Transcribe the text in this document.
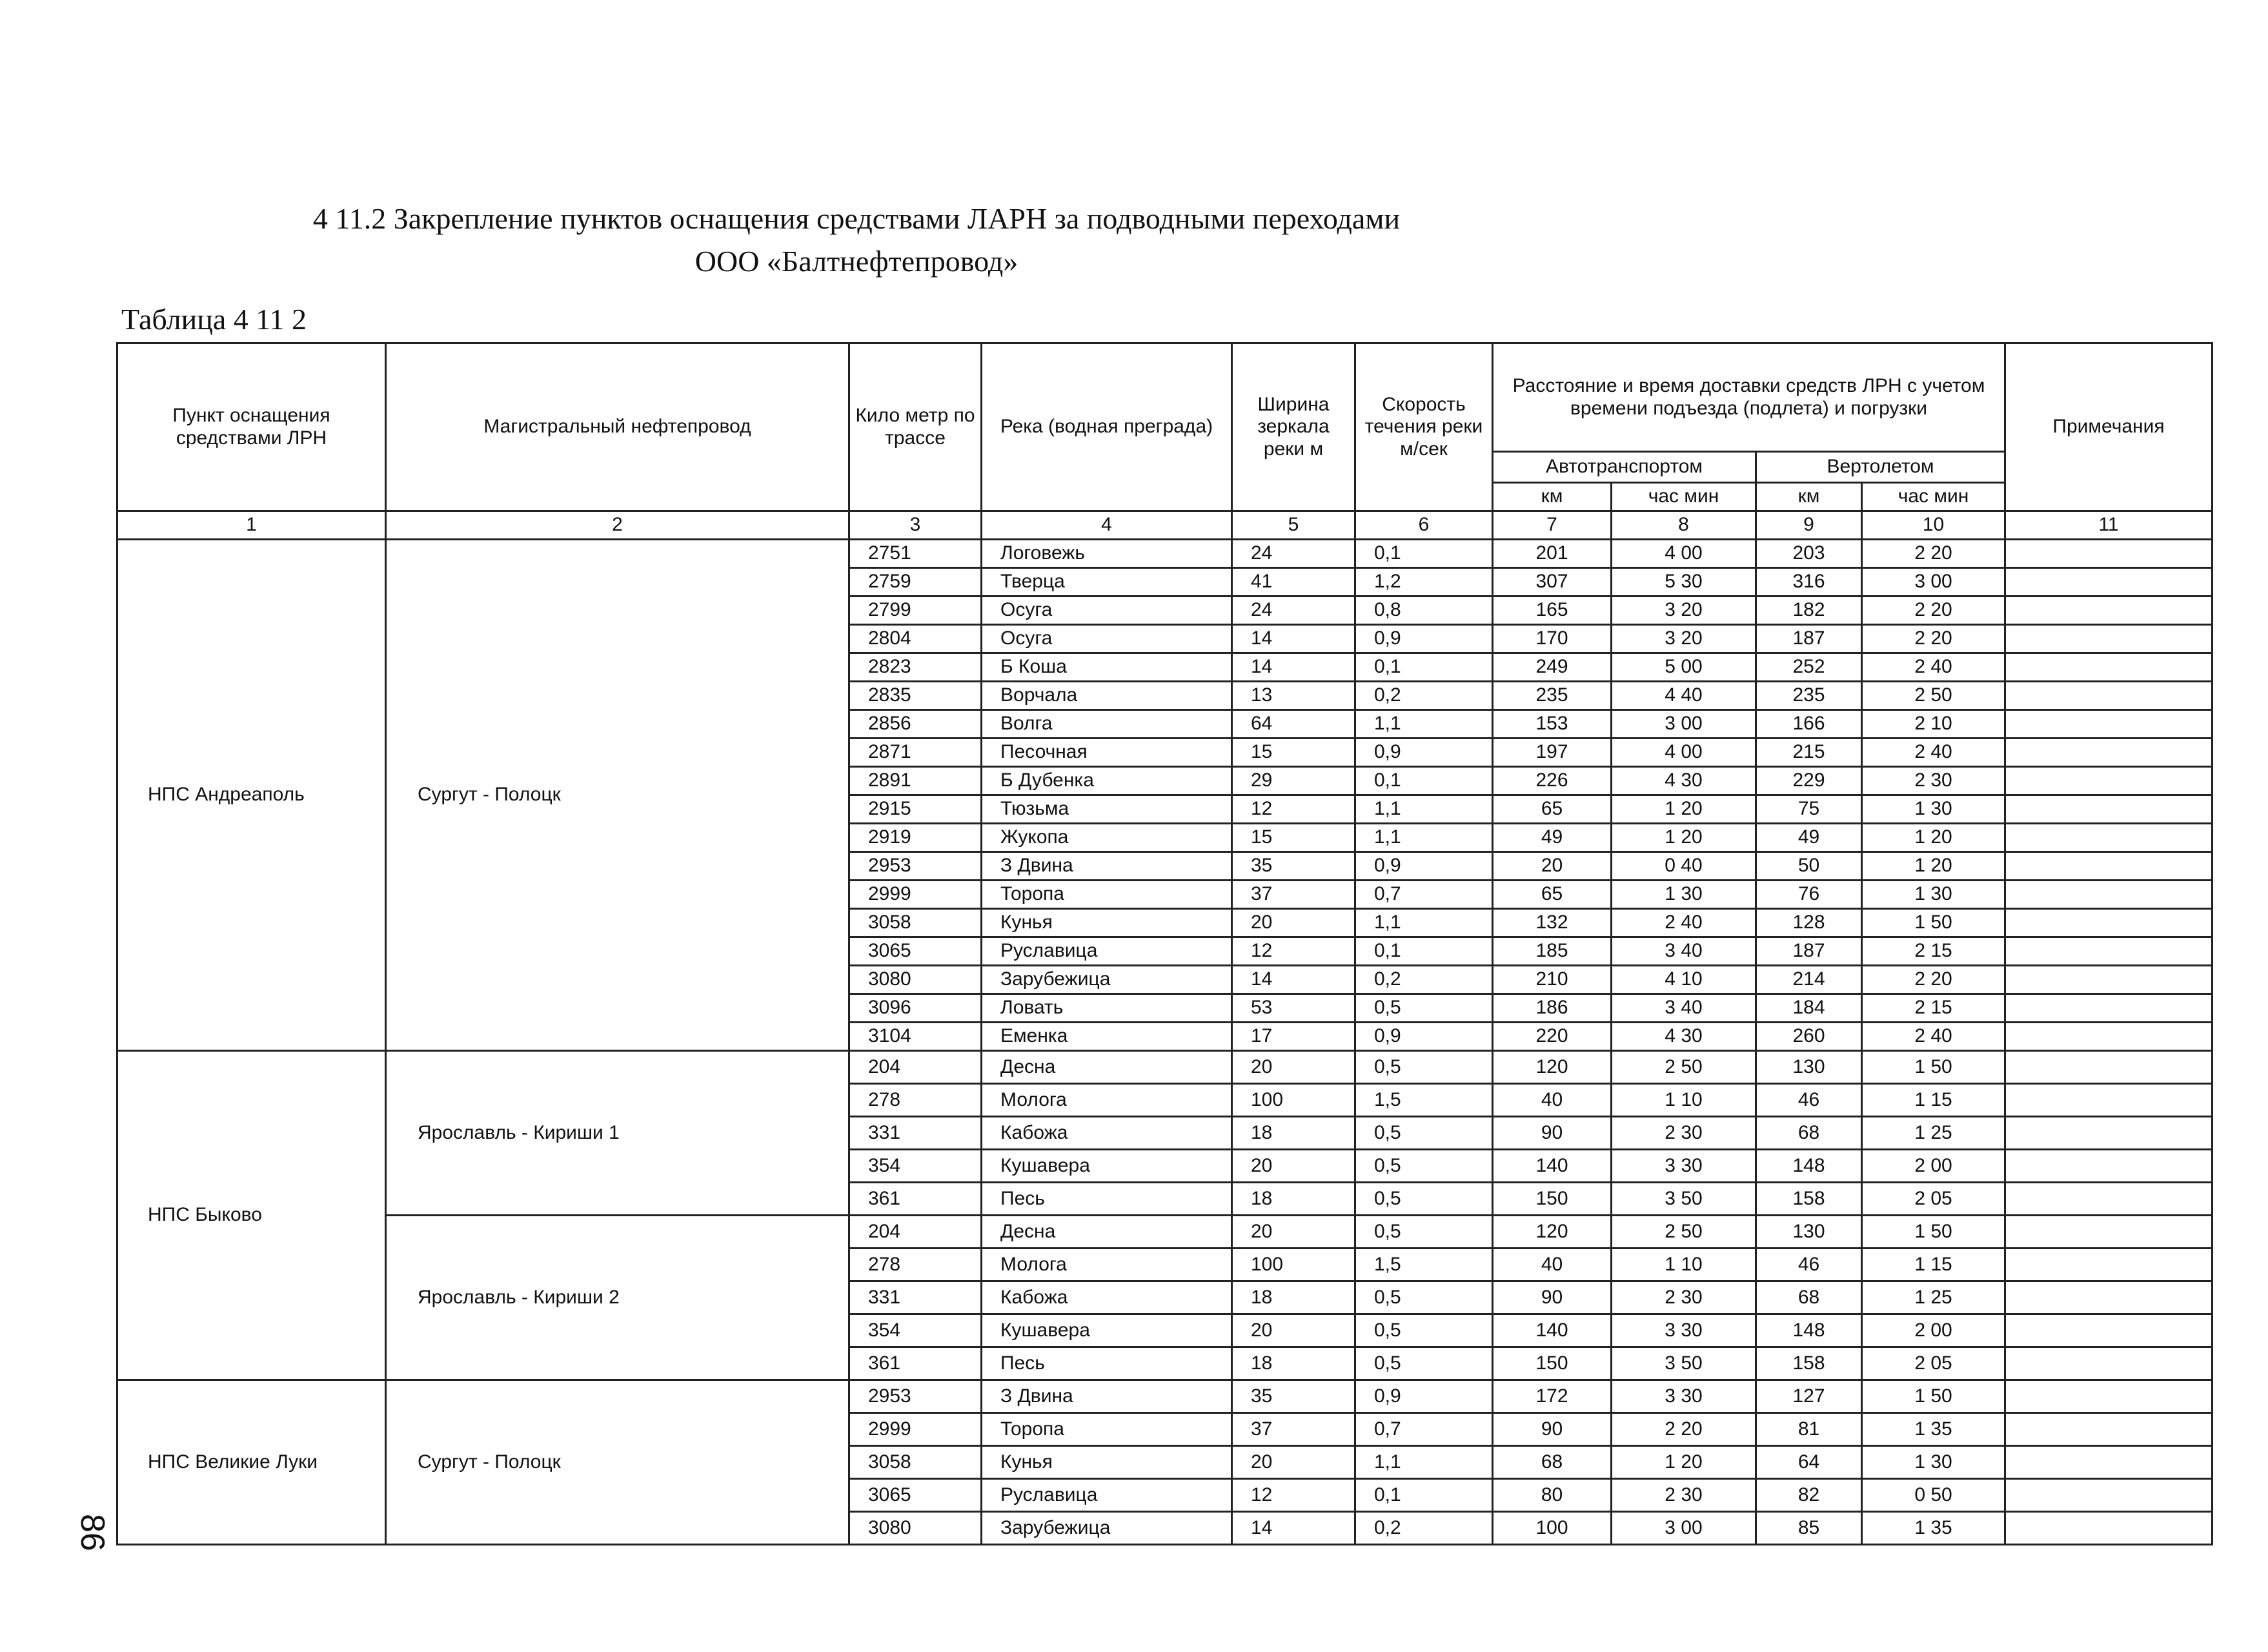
4 11.2 Закрепление пунктов оснащения средствами ЛАРН за подводными переходами
ООО «Балтнефтепровод»
Таблица 4 11 2
86
Пункт оснащения средствами ЛРН	Магистральный нефтепровод	Кило метр по трассе	Река (водная преграда)	Ширина зеркала реки м	Скорость течения реки м/сек	Расстояние и время доставки средств ЛРН с учетом времени подъезда (подлета) и погрузки				Примечания
						Автотранспортом		Вертолетом		
						км	час мин	км	час мин	
1	2	3	4	5	6	7	8	9	10	11
НПС Андреаполь	Сургут - Полоцк	2751	Логовежь	24	0,1	201	4 00	203	2 20	
		2759	Тверца	41	1,2	307	5 30	316	3 00	
		2799	Осуга	24	0,8	165	3 20	182	2 20	
		2804	Осуга	14	0,9	170	3 20	187	2 20	
		2823	Б Коша	14	0,1	249	5 00	252	2 40	
		2835	Ворчала	13	0,2	235	4 40	235	2 50	
		2856	Волга	64	1,1	153	3 00	166	2 10	
		2871	Песочная	15	0,9	197	4 00	215	2 40	
		2891	Б Дубенка	29	0,1	226	4 30	229	2 30	
		2915	Тюзьма	12	1,1	65	1 20	75	1 30	
		2919	Жукопа	15	1,1	49	1 20	49	1 20	
		2953	З Двина	35	0,9	20	0 40	50	1 20	
		2999	Торопа	37	0,7	65	1 30	76	1 30	
		3058	Кунья	20	1,1	132	2 40	128	1 50	
		3065	Руславица	12	0,1	185	3 40	187	2 15	
		3080	Зарубежица	14	0,2	210	4 10	214	2 20	
		3096	Ловать	53	0,5	186	3 40	184	2 15	
		3104	Еменка	17	0,9	220	4 30	260	2 40	
НПС Быково	Ярославль - Кириши 1	204	Десна	20	0,5	120	2 50	130	1 50	
		278	Молога	100	1,5	40	1 10	46	1 15	
		331	Кабожа	18	0,5	90	2 30	68	1 25	
		354	Кушавера	20	0,5	140	3 30	148	2 00	
		361	Песь	18	0,5	150	3 50	158	2 05	
	Ярославль - Кириши 2	204	Десна	20	0,5	120	2 50	130	1 50	
		278	Молога	100	1,5	40	1 10	46	1 15	
		331	Кабожа	18	0,5	90	2 30	68	1 25	
		354	Кушавера	20	0,5	140	3 30	148	2 00	
		361	Песь	18	0,5	150	3 50	158	2 05	
НПС Великие Луки	Сургут - Полоцк	2953	З Двина	35	0,9	172	3 30	127	1 50	
		2999	Торопа	37	0,7	90	2 20	81	1 35	
		3058	Кунья	20	1,1	68	1 20	64	1 30	
		3065	Руславица	12	0,1	80	2 30	82	0 50	
		3080	Зарубежица	14	0,2	100	3 00	85	1 35	
